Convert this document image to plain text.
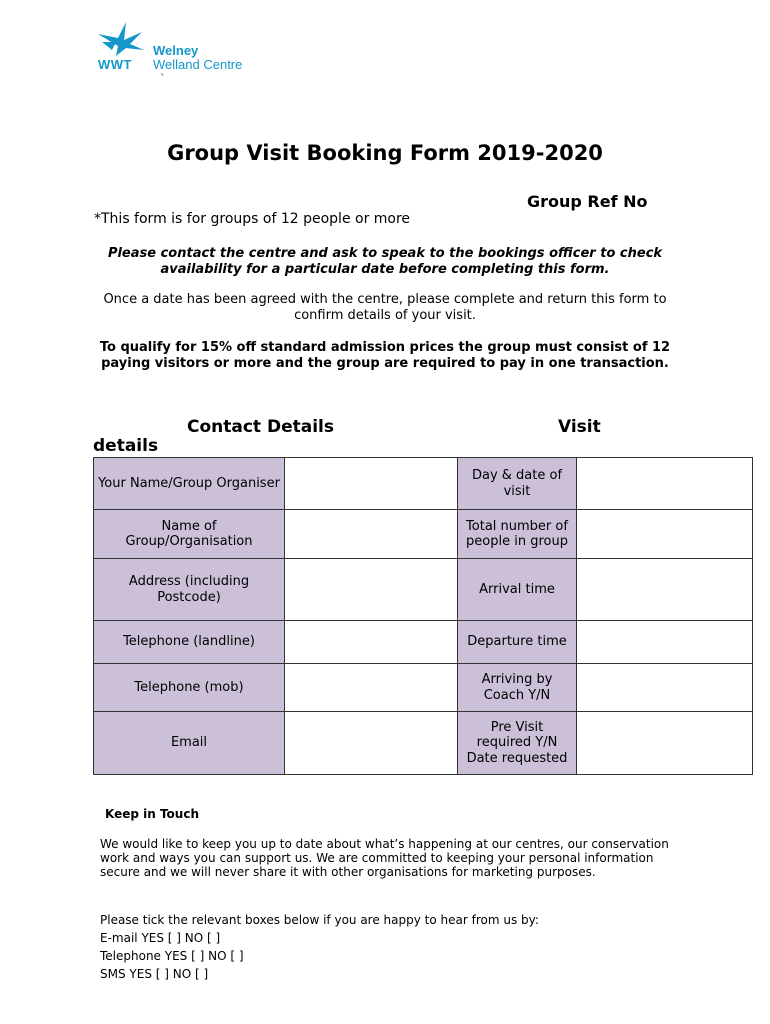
WWT
Welney
Welland Centre
`
Group Visit Booking Form 2019-2020
Group Ref No
*This form is for groups of 12 people or more
Please contact the centre and ask to speak to the bookings officer to check availability for a particular date before completing this form.
Once a date has been agreed with the centre, please complete and return this form to confirm details of your visit.
To qualify for 15% off standard admission prices the group must consist of 12 paying visitors or more and the group are required to pay in one transaction.
Contact Details	Visit
details
Your Name/Group Organiser		Day & date of visit	
Name of Group/Organisation		Total number of people in group	
Address (including Postcode)		Arrival time	
Telephone (landline)		Departure time	
Telephone (mob)		Arriving by Coach Y/N	
Email		Pre Visit required Y/N Date requested	
Keep in Touch
We would like to keep you up to date about what’s happening at our centres, our conservation work and ways you can support us. We are committed to keeping your personal information secure and we will never share it with other organisations for marketing purposes.
Please tick the relevant boxes below if you are happy to hear from us by:
E-mail YES [ ] NO [ ]
Telephone YES [ ] NO [ ]
SMS YES [ ] NO [ ]
